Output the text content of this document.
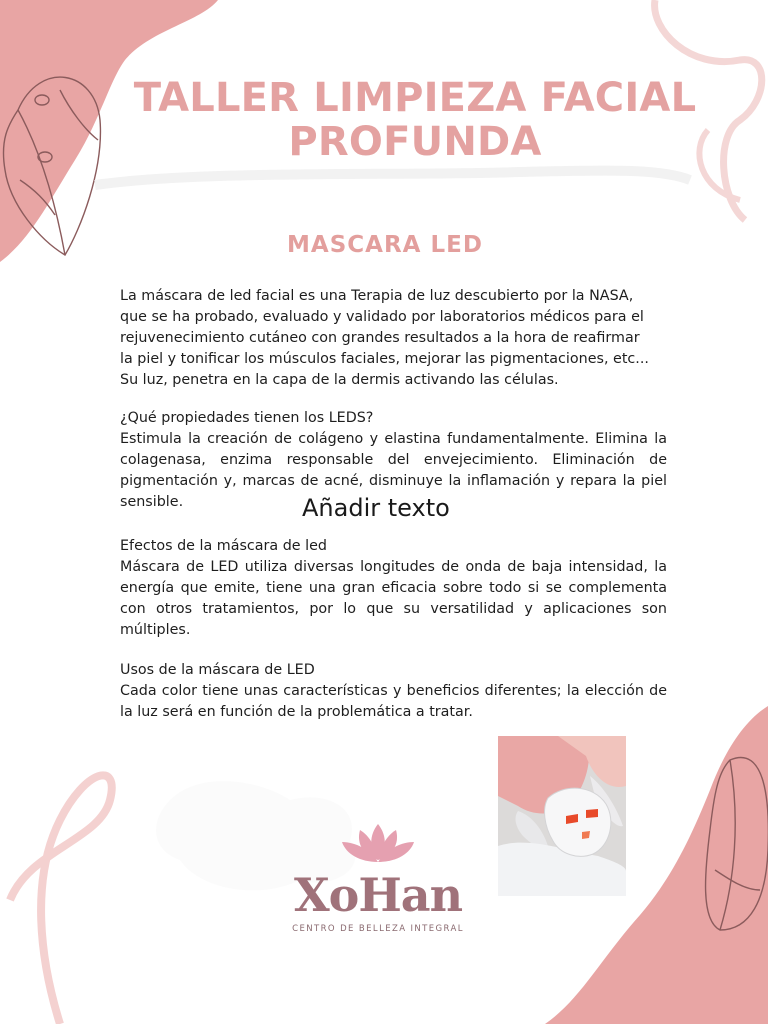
TALLER LIMPIEZA FACIAL
PROFUNDA
MASCARA LED
La máscara de led facial es una Terapia de luz descubierto por la NASA,
que se ha probado, evaluado y validado por laboratorios médicos para el
rejuvenecimiento cutáneo con grandes resultados a la hora de reafirmar
la piel y tonificar los músculos faciales, mejorar las pigmentaciones, etc...
Su luz, penetra en la capa de la dermis activando las células.
¿Qué propiedades tienen los LEDS?
Estimula la creación de colágeno y elastina fundamentalmente. Elimina la colagenasa, enzima responsable del envejecimiento. Eliminación de pigmentación y, marcas de acné, disminuye la inflamación y repara la piel sensible.	Añadir texto
Efectos de la máscara de led
Máscara de LED utiliza diversas longitudes de onda de baja intensidad, la energía que emite, tiene una gran eficacia sobre todo si se complementa con otros tratamientos, por lo que su versatilidad y aplicaciones son múltiples.
Usos de la máscara de LED
Cada color tiene unas características y beneficios diferentes; la elección de la luz será en función de la problemática a tratar.
XoHan
CENTRO DE BELLEZA INTEGRAL
